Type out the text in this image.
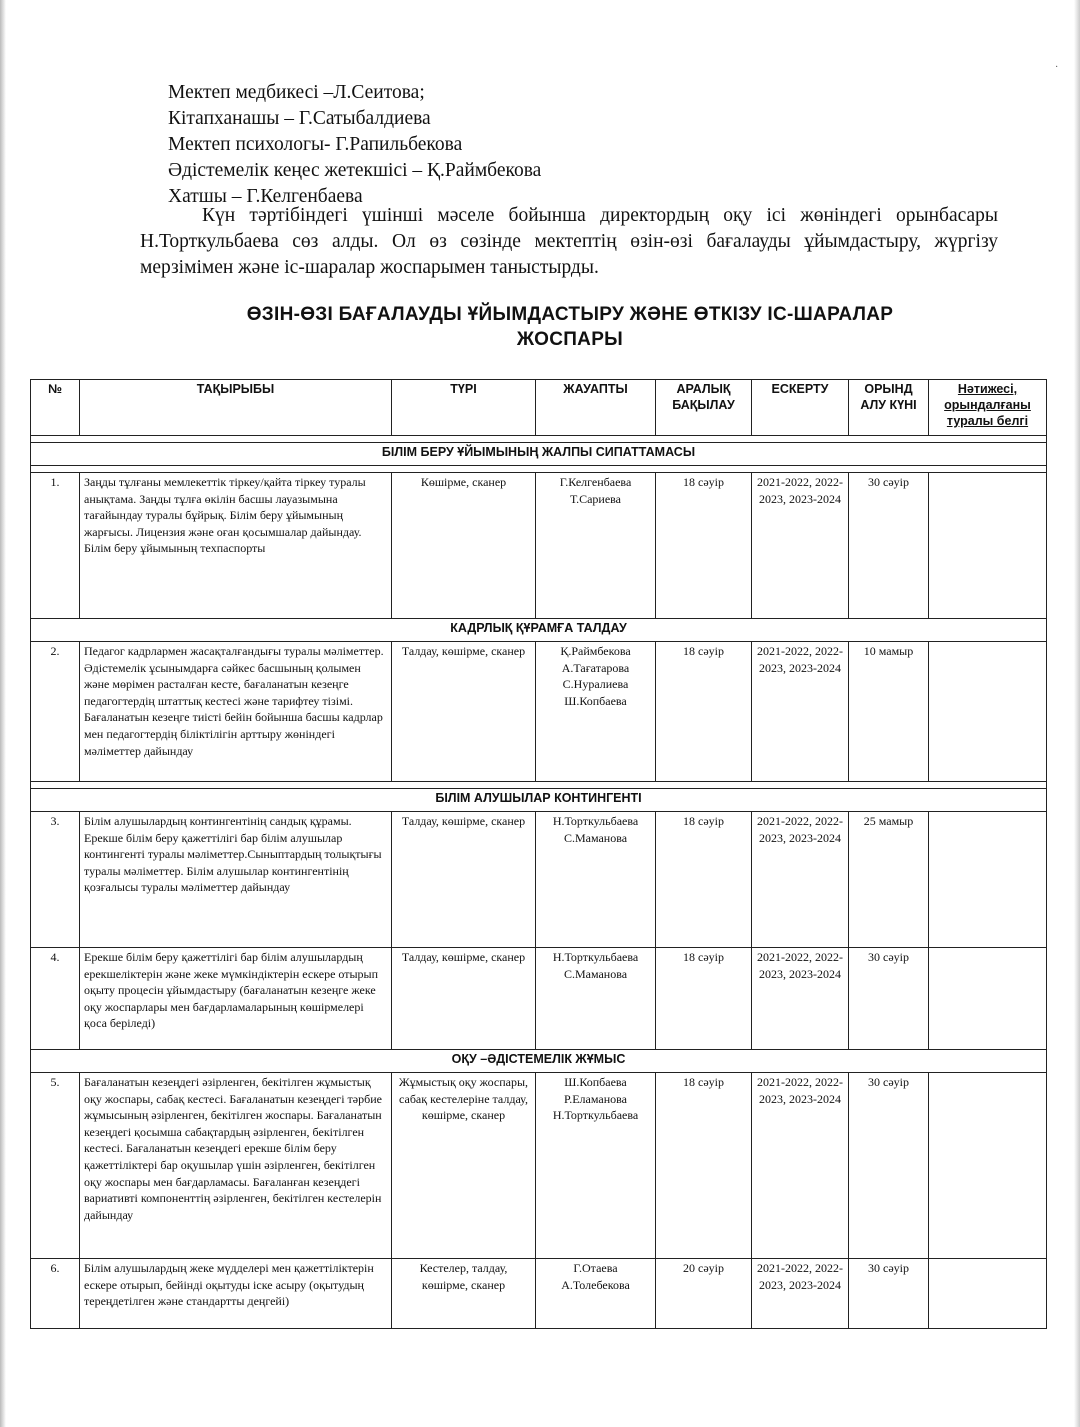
·
Мектеп медбикесі –Л.Сеитова;
Кітапханашы – Г.Сатыбалдиева
Мектеп психологы- Г.Рапильбекова
Әдістемелік кеңес жетекшісі – Қ.Раймбекова
Хатшы – Г.Келгенбаева
Күн тәртібіндегі үшінші мәселе бойынша директордың оқу ісі жөніндегі орынбасары Н.Торткульбаева сөз алды. Ол өз сөзінде мектептің өзін-өзі бағалауды ұйымдастыру, жүргізу мерзімімен және іс-шаралар жоспарымен таныстырды.
ӨЗІН-ӨЗІ БАҒАЛАУДЫ ҰЙЫМДАСТЫРУ ЖӘНЕ ӨТКІЗУ ІС-ШАРАЛАР
ЖОСПАРЫ
№	ТАҚЫРЫБЫ	ТҮРІ	ЖАУАПТЫ	АРАЛЫҚ БАҚЫЛАУ	ЕСКЕРТУ	ОРЫНД АЛУ КҮНІ	Нәтижесі, орындалғаны туралы белгі

БІЛІМ БЕРУ ҰЙЫМЫНЫҢ ЖАЛПЫ СИПАТТАМАСЫ							

1.	Заңды тұлғаны мемлекеттік тіркеу/қайта тіркеу туралы анықтама. Заңды тұлға өкілін басшы лауазымына тағайындау туралы бұйрық. Білім беру ұйымының жарғысы. Лицензия және оған қосымшалар дайындау. Білім беру ұйымының техпаспорты	Көшірме, сканер	Г.Келгенбаева Т.Сариева	18 сәуір	2021-2022, 2022-2023, 2023-2024	30 сәуір	
КАДРЛЫҚ ҚҰРАМҒА ТАЛДАУ							
2.	Педагог кадрлармен жасақталғандығы туралы мәліметтер. Әдістемелік ұсынымдарға сәйкес басшының қолымен және мөрімен расталған кесте, бағаланатын кезеңге педагогтердің штаттық кестесі және тарифтеу тізімі. Бағаланатын кезеңге тиісті бейін бойынша басшы кадрлар мен педагогтердің біліктілігін арттыру жөніндегі мәліметтер дайындау	Талдау, көшірме, сканер	Қ.Раймбекова А.Тағатарова С.Нуралиева Ш.Копбаева	18 сәуір	2021-2022, 2022-2023, 2023-2024	10 мамыр	

БІЛІМ АЛУШЫЛАР КОНТИНГЕНТІ							
3.	Білім алушылардың контингентінің сандық құрамы. Ерекше білім беру қажеттілігі бар білім алушылар контингенті туралы мәліметтер.Сыныптардың толықтығы туралы мәліметтер. Білім алушылар контингентінің қозғалысы туралы мәліметтер дайындау	Талдау, көшірме, сканер	Н.Торткульбаева С.Маманова	18 сәуір	2021-2022, 2022-2023, 2023-2024	25 мамыр	
4.	Ерекше білім беру қажеттілігі бар білім алушылардың ерекшеліктерін және жеке мүмкіндіктерін ескере отырып оқыту процесін ұйымдастыру (бағаланатын кезеңге жеке оқу жоспарлары мен бағдарламаларының көшірмелері қоса беріледі)	Талдау, көшірме, сканер	Н.Торткульбаева С.Маманова	18 сәуір	2021-2022, 2022-2023, 2023-2024	30 сәуір	
ОҚУ –ӘДІСТЕМЕЛІК ЖҰМЫС							
5.	Бағаланатын кезеңдегі әзірленген, бекітілген жұмыстық оқу жоспары, сабақ кестесі. Бағаланатын кезеңдегі тәрбие жұмысының әзірленген, бекітілген жоспары. Бағаланатын кезеңдегі қосымша сабақтардың әзірленген, бекітілген кестесі. Бағаланатын кезеңдегі ерекше білім беру қажеттіліктері бар оқушылар үшін әзірленген, бекітілген оқу жоспары мен бағдарламасы. Бағаланған кезеңдегі вариативті компоненттің әзірленген, бекітілген кестелерін дайындау	Жұмыстық оқу жоспары, сабақ кестелеріне талдау, көшірме, сканер	Ш.Копбаева Р.Еламанова Н.Торткульбаева	18 сәуір	2021-2022, 2022-2023, 2023-2024	30 сәуір	
6.	Білім алушылардың жеке мүдделері мен қажеттіліктерін ескере отырып, бейінді оқытуды іске асыру (оқытудың тереңдетілген және стандартты деңгейі)	Кестелер, талдау, көшірме, сканер	Г.Отаева А.Толебекова	20 сәуір	2021-2022, 2022-2023, 2023-2024	30 сәуір	
